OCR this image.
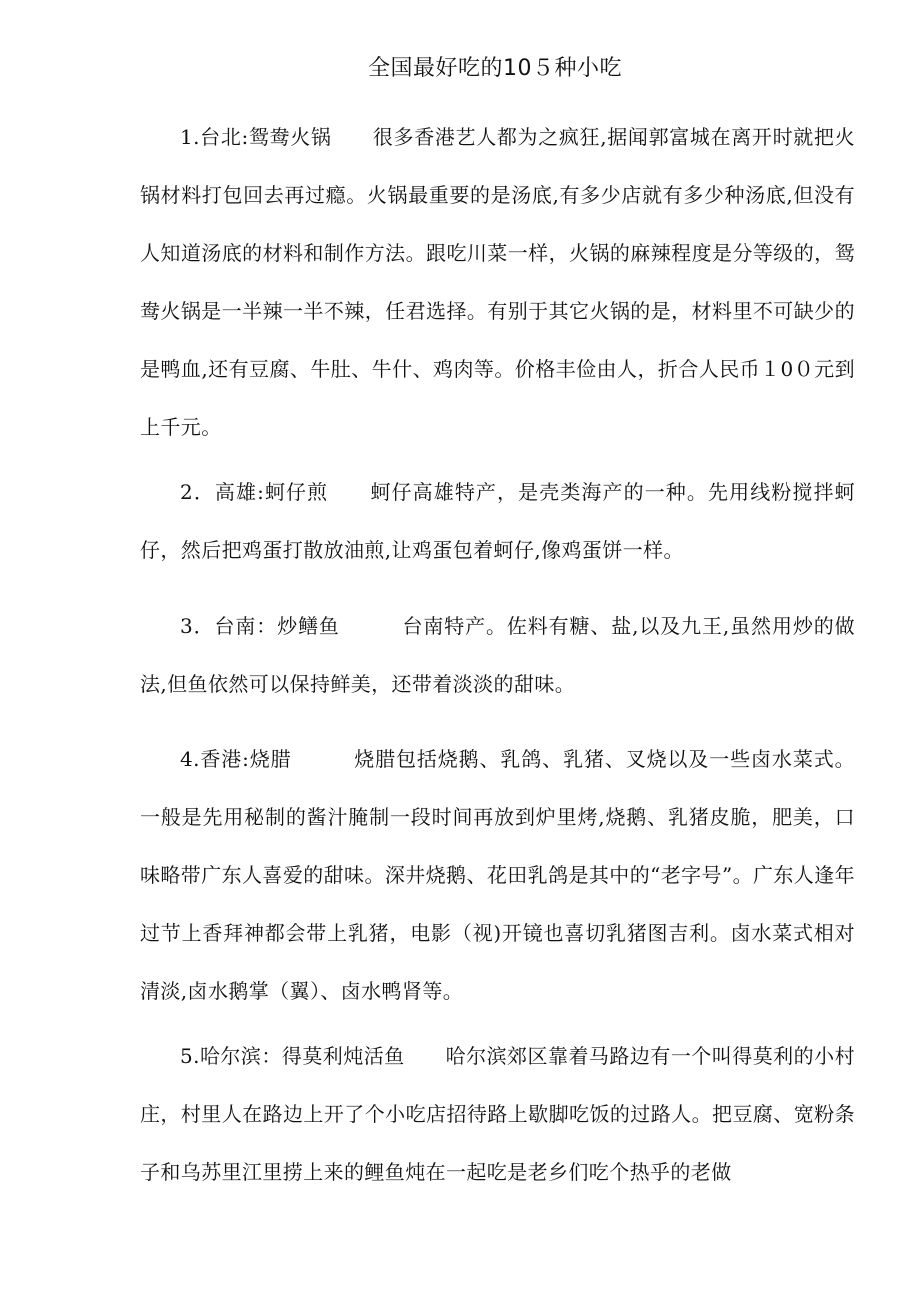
全国最好吃的10５种小吃

1.台北:鸳鸯火锅　　很多香港艺人都为之疯狂,据闻郭富城在离开时就把火锅材料打包回去再过瘾。火锅最重要的是汤底,有多少店就有多少种汤底,但没有人知道汤底的材料和制作方法。跟吃川菜一样，火锅的麻辣程度是分等级的，鸳鸯火锅是一半辣一半不辣，任君选择。有别于其它火锅的是，材料里不可缺少的是鸭血,还有豆腐、牛肚、牛什、鸡肉等。价格丰俭由人，折合人民币１0０元到上千元。

2．高雄:蚵仔煎　　蚵仔高雄特产，是壳类海产的一种。先用线粉搅拌蚵仔，然后把鸡蛋打散放油煎,让鸡蛋包着蚵仔,像鸡蛋饼一样。

3．台南：炒鳝鱼　　　台南特产。佐料有糖、盐,以及九王,虽然用炒的做法,但鱼依然可以保持鲜美，还带着淡淡的甜味。

4.香港:烧腊　　　烧腊包括烧鹅、乳鸽、乳猪、叉烧以及一些卤水菜式。一般是先用秘制的酱汁腌制一段时间再放到炉里烤,烧鹅、乳猪皮脆，肥美，口味略带广东人喜爱的甜味。深井烧鹅、花田乳鸽是其中的“老字号”。广东人逢年过节上香拜神都会带上乳猪，电影（视)开镜也喜切乳猪图吉利。卤水菜式相对清淡,卤水鹅掌（翼）、卤水鸭肾等。

5.哈尔滨：得莫利炖活鱼　　哈尔滨郊区靠着马路边有一个叫得莫利的小村庄，村里人在路边上开了个小吃店招待路上歇脚吃饭的过路人。把豆腐、宽粉条子和乌苏里江里捞上来的鲤鱼炖在一起吃是老乡们吃个热乎的老做
